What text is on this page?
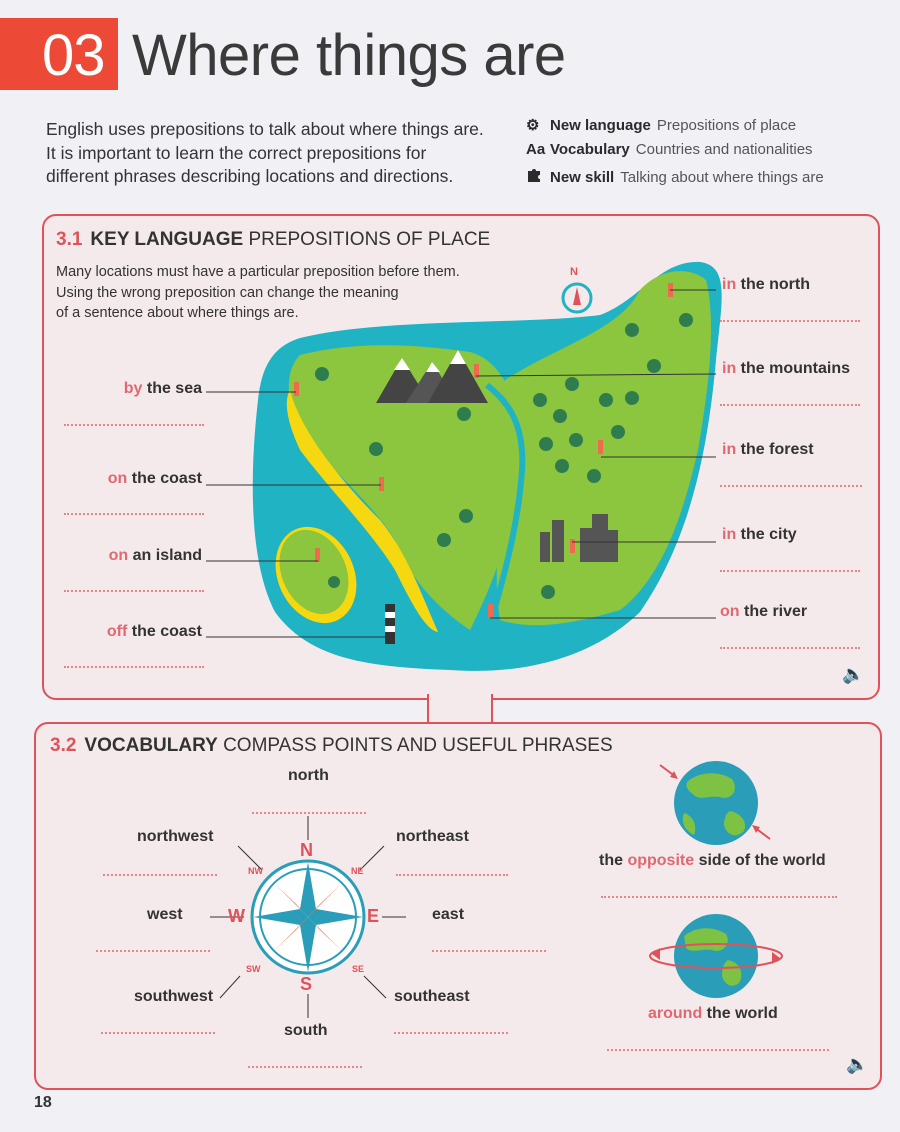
03 Where things are
English uses prepositions to talk about where things are.
It is important to learn the correct prepositions for
different phrases describing locations and directions.
⚙ New language Prepositions of place
Aa Vocabulary Countries and nationalities
New skill Talking about where things are
3.1 KEY LANGUAGE PREPOSITIONS OF PLACE
Many locations must have a particular preposition before them.
Using the wrong preposition can change the meaning
of a sentence about where things are.
N
by the sea
on the coast
on an island
off the coast
in the north
in the mountains
in the forest
in the city
on the river
🔈
3.2 VOCABULARY COMPASS POINTS AND USEFUL PHRASES
N
E
S
W
NE
SE
SW
NW
north
northwest	northeast
west	east
southwest	southeast
south
the opposite side of the world
around the world
🔈
18
